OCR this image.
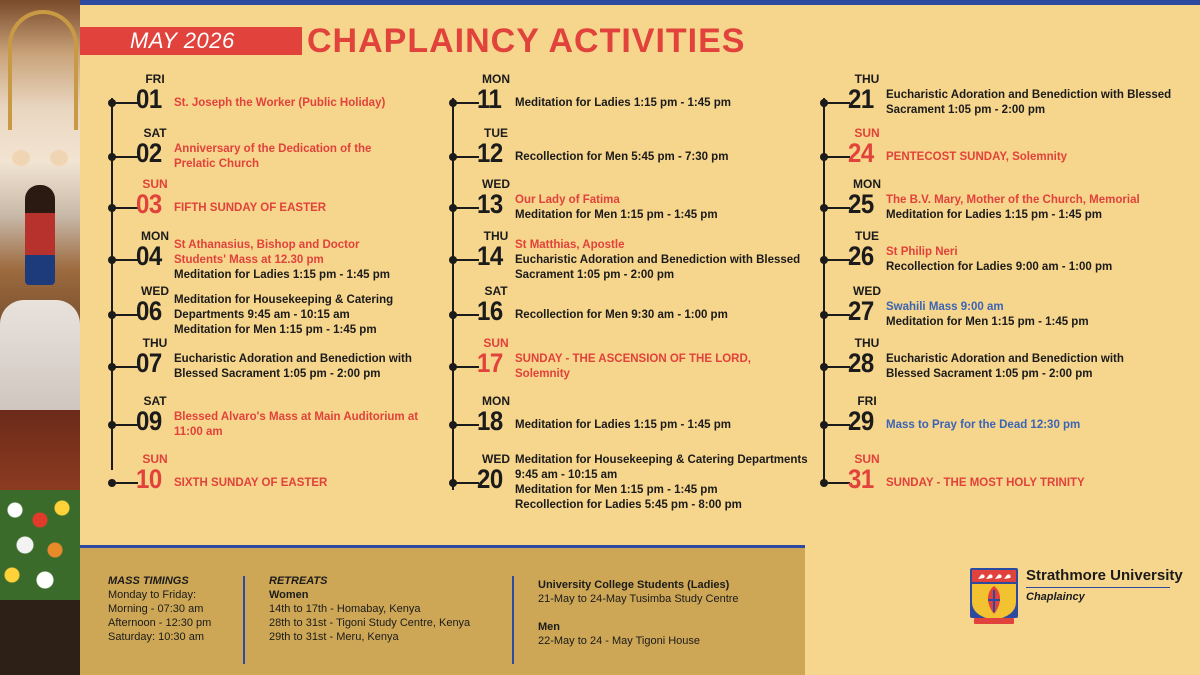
MAY 2026 CHAPLAINCY ACTIVITIES
FRI
01 St. Joseph the Worker (Public Holiday)
SAT
02 Anniversary of the Dedication of the
Prelatic Church
SUN
03 FIFTH SUNDAY OF EASTER
MON
04 St Athanasius, Bishop and Doctor
Students' Mass at 12.30 pm
Meditation for Ladies 1:15 pm - 1:45 pm
WED
06 Meditation for Housekeeping & Catering
Departments 9:45 am - 10:15 am
Meditation for Men 1:15 pm - 1:45 pm
THU
07 Eucharistic Adoration and Benediction with
Blessed Sacrament 1:05 pm - 2:00 pm
SAT
09 Blessed Alvaro's Mass at Main Auditorium at
11:00 am
SUN
10 SIXTH SUNDAY OF EASTER
MON
11 Meditation for Ladies 1:15 pm - 1:45 pm
TUE
12 Recollection for Men 5:45 pm - 7:30 pm
WED
13 Our Lady of Fatima
Meditation for Men 1:15 pm - 1:45 pm
THU
14 St Matthias, Apostle
Eucharistic Adoration and Benediction with Blessed
Sacrament 1:05 pm - 2:00 pm
SAT
16 Recollection for Men 9:30 am - 1:00 pm
SUN
17 SUNDAY - THE ASCENSION OF THE LORD,
Solemnity
MON
18 Meditation for Ladies 1:15 pm - 1:45 pm
WED
20
Meditation for Housekeeping & Catering Departments
9:45 am - 10:15 am
Meditation for Men 1:15 pm - 1:45 pm
Recollection for Ladies 5:45 pm - 8:00 pm
THU
21 Eucharistic Adoration and Benediction with Blessed
Sacrament 1:05 pm - 2:00 pm
SUN
24 PENTECOST SUNDAY, Solemnity
MON
25 The B.V. Mary, Mother of the Church, Memorial
Meditation for Ladies 1:15 pm - 1:45 pm
TUE
26 St Philip Neri
Recollection for Ladies 9:00 am - 1:00 pm
WED
27 Swahili Mass 9:00 am
Meditation for Men 1:15 pm - 1:45 pm
THU
28 Eucharistic Adoration and Benediction with
Blessed Sacrament 1:05 pm - 2:00 pm
FRI
29 Mass to Pray for the Dead 12:30 pm
SUN
31 SUNDAY - THE MOST HOLY TRINITY
MASS TIMINGS
Monday to Friday:
Morning - 07:30 am
Afternoon - 12:30 pm
Saturday: 10:30 am
RETREATS
Women
14th to 17th - Homabay, Kenya
28th to 31st - Tigoni Study Centre, Kenya
29th to 31st - Meru, Kenya
University College Students (Ladies)
21-May to 24-May Tusimba Study Centre
Men
22-May to 24 - May Tigoni House
Strathmore University
Chaplaincy
